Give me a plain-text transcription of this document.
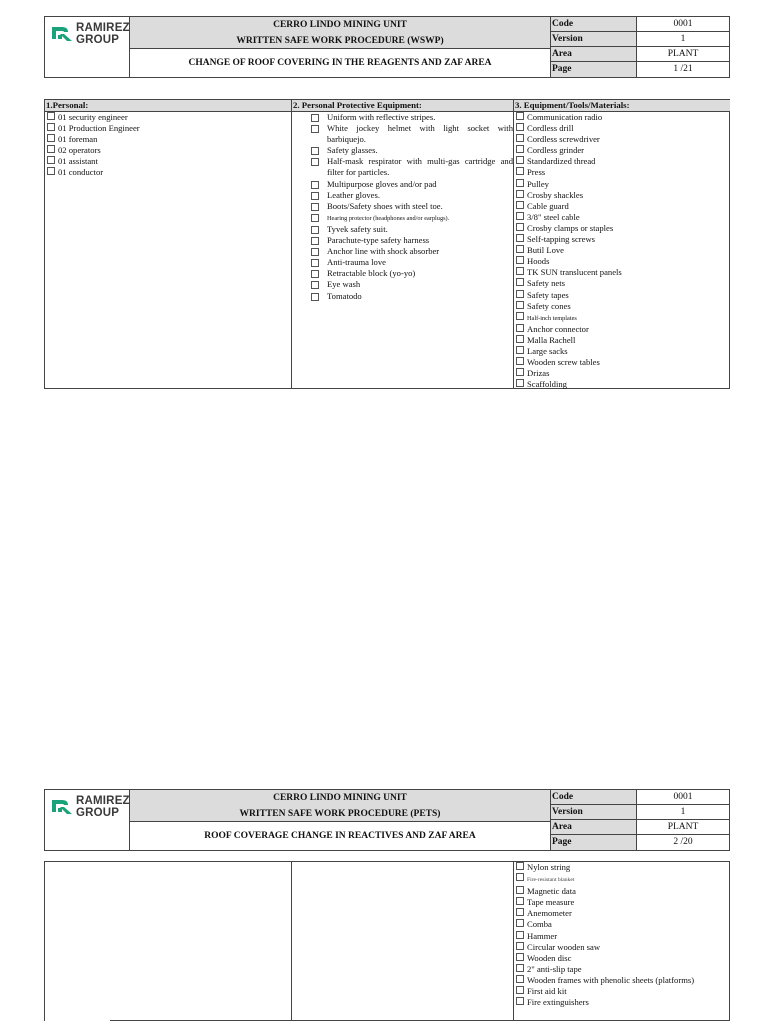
RAMIREZ
GROUP
CERRO LINDO MINING UNIT
WRITTEN SAFE WORK PROCEDURE (WSWP)
CHANGE OF ROOF COVERING IN THE REAGENTS AND ZAF AREA
Code	0001
Version	1
Area	PLANT
Page	1 /21
1.Personal:
01 security engineer
01 Production Engineer
01 foreman
02 operators
01 assistant
01 conductor
2. Personal Protective Equipment:
Uniform with reflective stripes.
White jockey helmet with light socket with barbiquejo.
Safety glasses.
Half-mask respirator with multi-gas cartridge and filter for particles.
Multipurpose gloves and/or pad
Leather gloves.
Boots/Safety shoes with steel toe.
Hearing protector (headphones and/or earplugs).
Tyvek safety suit.
Parachute-type safety harness
Anchor line with shock absorber
Anti-trauma love
Retractable block (yo-yo)
Eye wash
Tomatodo
3. Equipment/Tools/Materials:
Communication radio
Cordless drill
Cordless screwdriver
Cordless grinder
Standardized thread
Press
Pulley
Crosby shackles
Cable guard
3/8" steel cable
Crosby clamps or staples
Self-tapping screws
Butil Love
Hoods
TK SUN translucent panels
Safety nets
Safety tapes
Safety cones
Half-inch templates
Anchor connector
Malla Rachell
Large sacks
Wooden screw tables
Drizas
Scaffolding
RAMIREZ
GROUP
CERRO LINDO MINING UNIT
WRITTEN SAFE WORK PROCEDURE (PETS)
ROOF COVERAGE CHANGE IN REACTIVES AND ZAF AREA
Code	0001
Version	1
Area	PLANT
Page	2 /20
Nylon string
Fire-resistant blanket
Magnetic data
Tape measure
Anemometer
Comba
Hammer
Circular wooden saw
Wooden disc
2" anti-slip tape
Wooden frames with phenolic sheets (platforms)
First aid kit
Fire extinguishers
